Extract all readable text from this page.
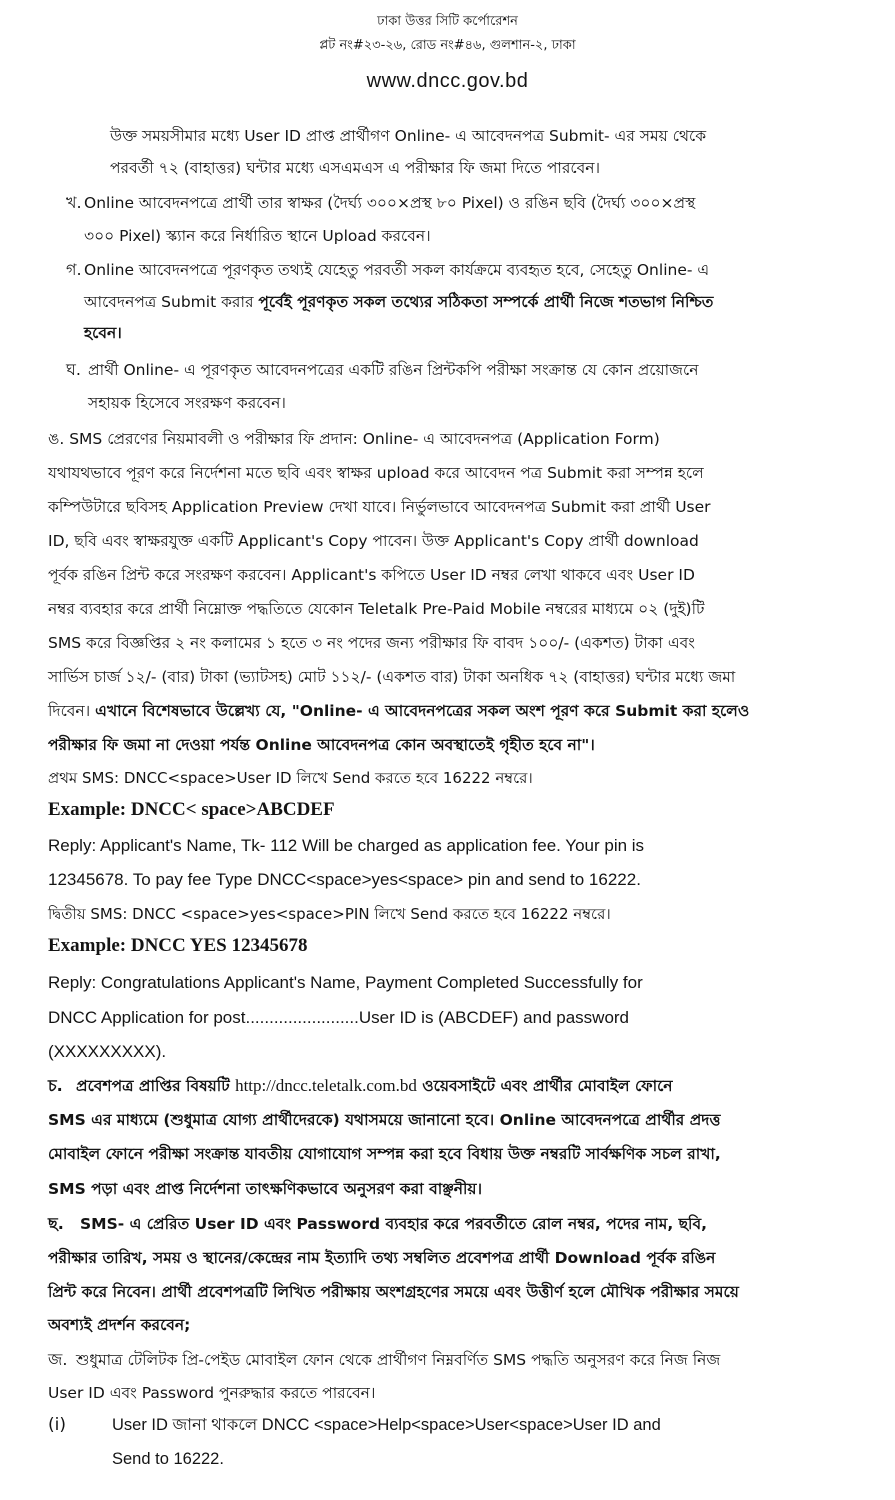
ঢাকা উত্তর সিটি কর্পোরেশন
প্লট নং#২৩-২৬, রোড নং#৪৬, গুলশান-২, ঢাকা
www.dncc.gov.bd
উক্ত সময়সীমার মধ্যে User ID প্রাপ্ত প্রার্থীগণ Online- এ আবেদনপত্র Submit- এর সময় থেকে
পরবর্তী ৭২ (বাহাত্তর) ঘন্টার মধ্যে এসএমএস এ পরীক্ষার ফি জমা দিতে পারবেন।
খ. Online আবেদনপত্রে প্রার্থী তার স্বাক্ষর (দৈর্ঘ্য ৩০০×প্রস্থ ৮০ Pixel) ও রঙিন ছবি (দৈর্ঘ্য ৩০০×প্রস্থ
৩০০ Pixel) স্ক্যান করে নির্ধারিত স্থানে Upload করবেন।
গ. Online আবেদনপত্রে পূরণকৃত তথ্যই যেহেতু পরবর্তী সকল কার্যক্রমে ব্যবহৃত হবে, সেহেতু Online- এ
আবেদনপত্র Submit করার পূর্বেই পূরণকৃত সকল তথ্যের সঠিকতা সম্পর্কে প্রার্থী নিজে শতভাগ নিশ্চিত
হবেন।
ঘ. প্রার্থী Online- এ পূরণকৃত আবেদনপত্রের একটি রঙিন প্রিন্টকপি পরীক্ষা সংক্রান্ত যে কোন প্রয়োজনে
সহায়ক হিসেবে সংরক্ষণ করবেন।
ঙ. SMS প্রেরণের নিয়মাবলী ও পরীক্ষার ফি প্রদান: Online- এ আবেদনপত্র (Application Form)
যথাযথভাবে পূরণ করে নির্দেশনা মতে ছবি এবং স্বাক্ষর upload করে আবেদন পত্র Submit করা সম্পন্ন হলে
কম্পিউটারে ছবিসহ Application Preview দেখা যাবে। নির্ভুলভাবে আবেদনপত্র Submit করা প্রার্থী User
ID, ছবি এবং স্বাক্ষরযুক্ত একটি Applicant's Copy পাবেন। উক্ত Applicant's Copy প্রার্থী download
পূর্বক রঙিন প্রিন্ট করে সংরক্ষণ করবেন। Applicant's কপিতে User ID নম্বর লেখা থাকবে এবং User ID
নম্বর ব্যবহার করে প্রার্থী নিম্নোক্ত পদ্ধতিতে যেকোন Teletalk Pre-Paid Mobile নম্বরের মাধ্যমে ০২ (দুই)টি
SMS করে বিজ্ঞপ্তির ২ নং কলামের ১ হতে ৩ নং পদের জন্য পরীক্ষার ফি বাবদ ১০০/- (একশত) টাকা এবং
সার্ভিস চার্জ ১২/- (বার) টাকা (ভ্যাটসহ) মোট ১১২/- (একশত বার) টাকা অনধিক ৭২ (বাহাত্তর) ঘন্টার মধ্যে জমা
দিবেন। এখানে বিশেষভাবে উল্লেখ্য যে, "Online- এ আবেদনপত্রের সকল অংশ পূরণ করে Submit করা হলেও
পরীক্ষার ফি জমা না দেওয়া পর্যন্ত Online আবেদনপত্র কোন অবস্থাতেই গৃহীত হবে না"।
প্রথম SMS: DNCC<space>User ID লিখে Send করতে হবে 16222 নম্বরে।
Example: DNCC< space>ABCDEF
Reply: Applicant's Name, Tk- 112 Will be charged as application fee. Your pin is
12345678. To pay fee Type DNCC<space>yes<space> pin and send to 16222.
দ্বিতীয় SMS: DNCC <space>yes<space>PIN লিখে Send করতে হবে 16222 নম্বরে।
Example: DNCC YES 12345678
Reply: Congratulations Applicant's Name, Payment Completed Successfully for
DNCC Application for post........................User ID is (ABCDEF) and password
(XXXXXXXXX).
চ. প্রবেশপত্র প্রাপ্তির বিষয়টি http://dncc.teletalk.com.bd ওয়েবসাইটে এবং প্রার্থীর মোবাইল ফোনে
SMS এর মাধ্যমে (শুধুমাত্র যোগ্য প্রার্থীদেরকে) যথাসময়ে জানানো হবে। Online আবেদনপত্রে প্রার্থীর প্রদত্ত
মোবাইল ফোনে পরীক্ষা সংক্রান্ত যাবতীয় যোগাযোগ সম্পন্ন করা হবে বিধায় উক্ত নম্বরটি সার্বক্ষণিক সচল রাখা,
SMS পড়া এবং প্রাপ্ত নির্দেশনা তাৎক্ষণিকভাবে অনুসরণ করা বাঞ্ছনীয়।
ছ. SMS- এ প্রেরিত User ID এবং Password ব্যবহার করে পরবর্তীতে রোল নম্বর, পদের নাম, ছবি,
পরীক্ষার তারিখ, সময় ও স্থানের/কেন্দ্রের নাম ইত্যাদি তথ্য সম্বলিত প্রবেশপত্র প্রার্থী Download পূর্বক রঙিন
প্রিন্ট করে নিবেন। প্রার্থী প্রবেশপত্রটি লিখিত পরীক্ষায় অংশগ্রহণের সময়ে এবং উত্তীর্ণ হলে মৌখিক পরীক্ষার সময়ে
অবশ্যই প্রদর্শন করবেন;
জ. শুধুমাত্র টেলিটক প্রি-পেইড মোবাইল ফোন থেকে প্রার্থীগণ নিম্নবর্ণিত SMS পদ্ধতি অনুসরণ করে নিজ নিজ
User ID এবং Password পুনরুদ্ধার করতে পারবেন।
(i)	User ID জানা থাকলে DNCC <space>Help<space>User<space>User ID and
Send to 16222.
